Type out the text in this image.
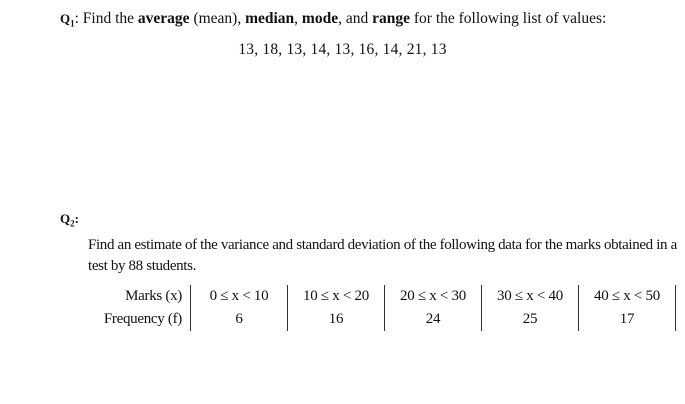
$Q_1$: Find the average (mean), median, mode, and range for the following list of values:
13, 18, 13, 14, 13, 16, 14, 21, 13
$Q_2$:
Find an estimate of the variance and standard deviation of the following data for the marks obtained in a test by 88 students.
Marks (x)	0 ≤ x < 10	10 ≤ x < 20	20 ≤ x < 30	30 ≤ x < 40	40 ≤ x < 50
Frequency (f)	6	16	24	25	17
